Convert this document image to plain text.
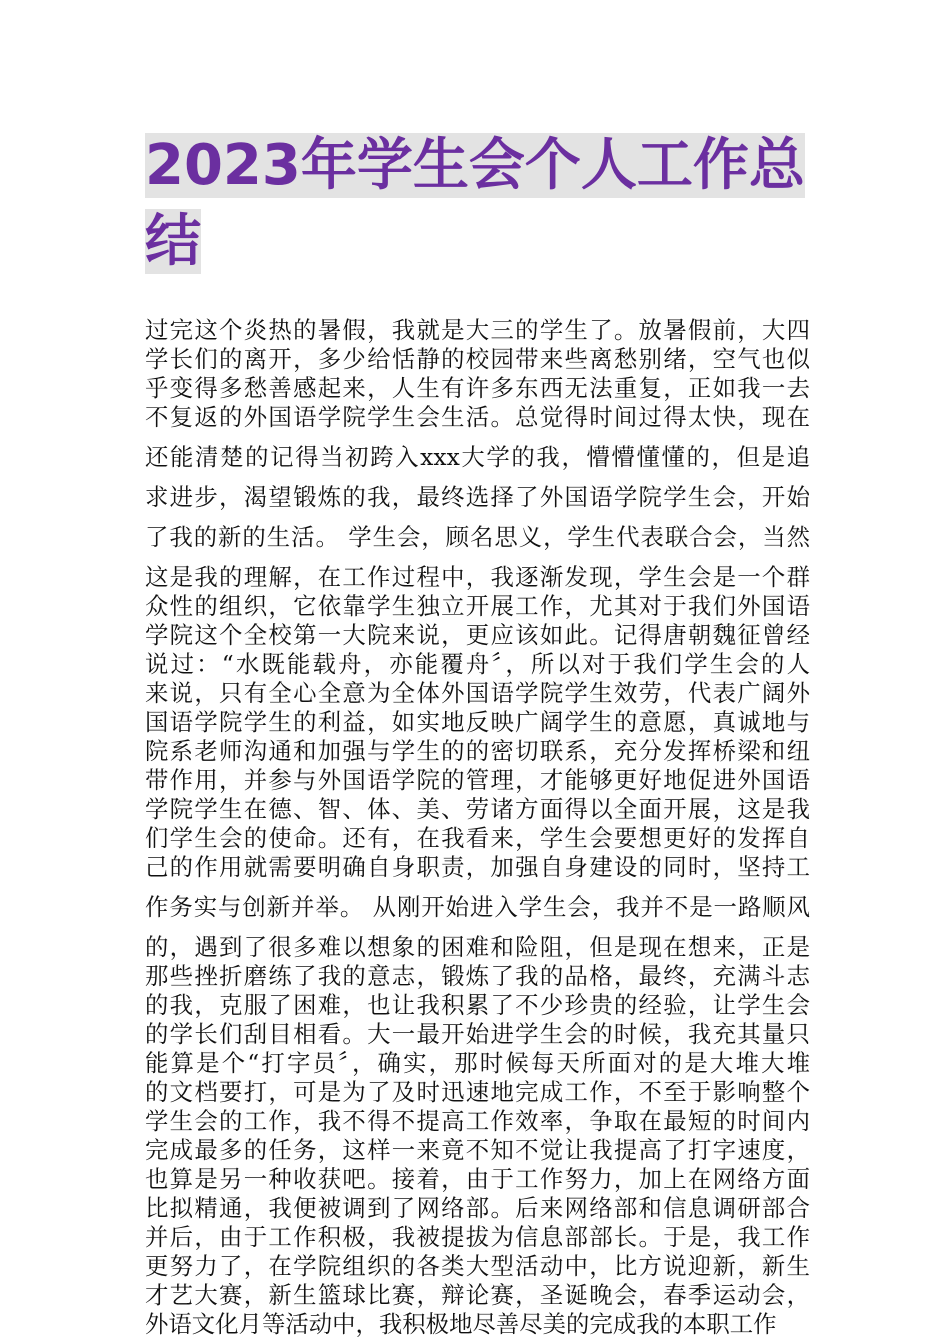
2023年学生会个人工作总结
过完这个炎热的暑假，我就是大三的学生了。放暑假前，大四
学长们的离开，多少给恬静的校园带来些离愁别绪，空气也似
乎变得多愁善感起来，人生有许多东西无法重复，正如我一去
不复返的外国语学院学生会生活。总觉得时间过得太快，现在
还能清楚的记得当初跨入xxx大学的我，懵懵懂懂的，但是追
求进步，渴望锻炼的我，最终选择了外国语学院学生会，开始
了我的新的生活。 学生会，顾名思义，学生代表联合会，当然
这是我的理解，在工作过程中，我逐渐发现，学生会是一个群
众性的组织，它依靠学生独立开展工作，尤其对于我们外国语
学院这个全校第一大院来说，更应该如此。记得唐朝魏征曾经
说过：“水既能载舟，亦能覆舟〞，所以对于我们学生会的人
来说，只有全心全意为全体外国语学院学生效劳，代表广阔外
国语学院学生的利益，如实地反映广阔学生的意愿，真诚地与
院系老师沟通和加强与学生的的密切联系，充分发挥桥梁和纽
带作用，并参与外国语学院的管理，才能够更好地促进外国语
学院学生在德、智、体、美、劳诸方面得以全面开展，这是我
们学生会的使命。还有，在我看来，学生会要想更好的发挥自
己的作用就需要明确自身职责，加强自身建设的同时，坚持工
作务实与创新并举。 从刚开始进入学生会，我并不是一路顺风
的，遇到了很多难以想象的困难和险阻，但是现在想来，正是
那些挫折磨练了我的意志，锻炼了我的品格，最终，充满斗志
的我，克服了困难，也让我积累了不少珍贵的经验，让学生会
的学长们刮目相看。大一最开始进学生会的时候，我充其量只
能算是个“打字员〞，确实，那时候每天所面对的是大堆大堆
的文档要打，可是为了及时迅速地完成工作，不至于影响整个
学生会的工作，我不得不提高工作效率，争取在最短的时间内
完成最多的任务，这样一来竟不知不觉让我提高了打字速度，
也算是另一种收获吧。接着，由于工作努力，加上在网络方面
比拟精通，我便被调到了网络部。后来网络部和信息调研部合
并后，由于工作积极，我被提拔为信息部部长。于是，我工作
更努力了，在学院组织的各类大型活动中，比方说迎新，新生
才艺大赛，新生篮球比赛，辩论赛，圣诞晚会，春季运动会，
外语文化月等活动中，我积极地尽善尽美的完成我的本职工作
